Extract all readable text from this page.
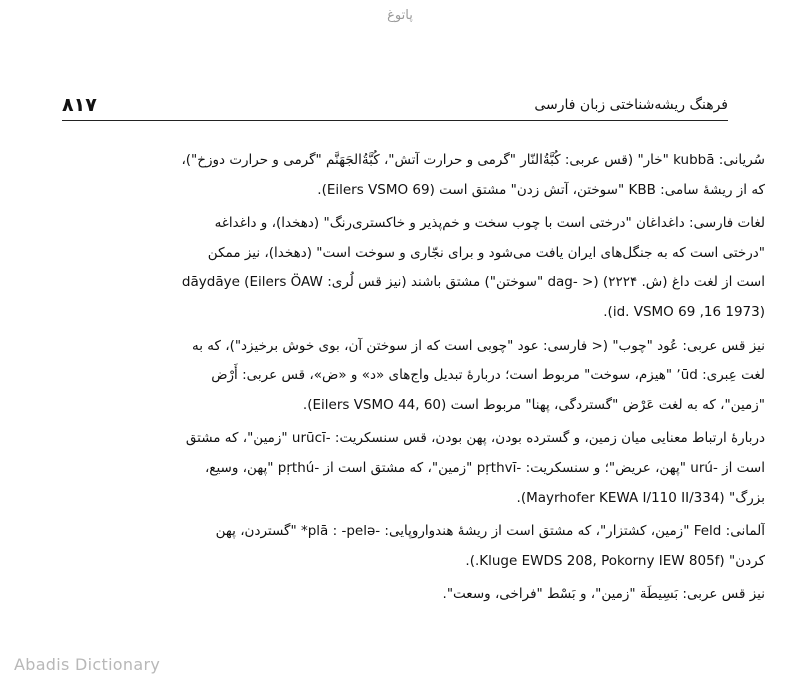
پاتوغ
۸۱۷	فرهنگ ریشه‌شناختی زبان فارسی

سُریانی: kubbā "خار" (قس عربی: کُبَّةُ‌النّار "گرمی و حرارت آتش"، کُبَّةُ‌الجَهَنَّم "گرمی و حرارت دوزخ")،
که از ریشهٔ سامی: KBB "سوختن، آتش زدن" مشتق است (Eilers VSMO 69).

لغات فارسی: داغداغان "درختی است با چوب سخت و خم‌پذیر و خاکستری‌رنگ" (دهخدا)، و داغداغه
"درختی است که به جنگل‌های ایران یافت می‌شود و برای نجّاری و سوخت است" (دهخدا)، نیز ممکن
است از لغت داغ (ش. ۲۲۲۴) (< -dag "سوختن") مشتق باشند (نیز قس لُری: dāydāye (Eilers ÖAW
(1973 16, id. VSMO 69).

نیز قس عربی: عُود "چوب" (< فارسی: عود "چوبی است که از سوختن آن، بوی خوش برخیزد")، که به
لغت عِبری: ʼūd "هیزم، سوخت" مربوط است؛ دربارهٔ تبدیل واج‌های «د» و «ض»، قس عربی: أَرْض
"زمین"، که به لغت عَرْض "گستردگی، پهنا" مربوط است (Eilers VSMO 44, 60).

دربارهٔ ارتباط معنایی میان زمین، و گسترده بودن، پهن بودن، قس سنسکریت: -urūcī "زمین"، که مشتق
است از -urú "پهن، عریض"؛ و سنسکریت: -pṛthvī "زمین"، که مشتق است از -pṛthú "پهن، وسیع،
بزرگ" (Mayrhofer KEWA I/110 II/334).

آلمانی: Feld "زمین، کشتزار"، که مشتق است از ریشهٔ هندواروپایی: -plā : -pelə* "گستردن، پهن
کردن" (Kluge EWDS 208, Pokorny IEW 805f.).

نیز قس عربی: بَسِیطَة "زمین"، و بَسْط "فراخی، وسعت".

Abadis Dictionary
